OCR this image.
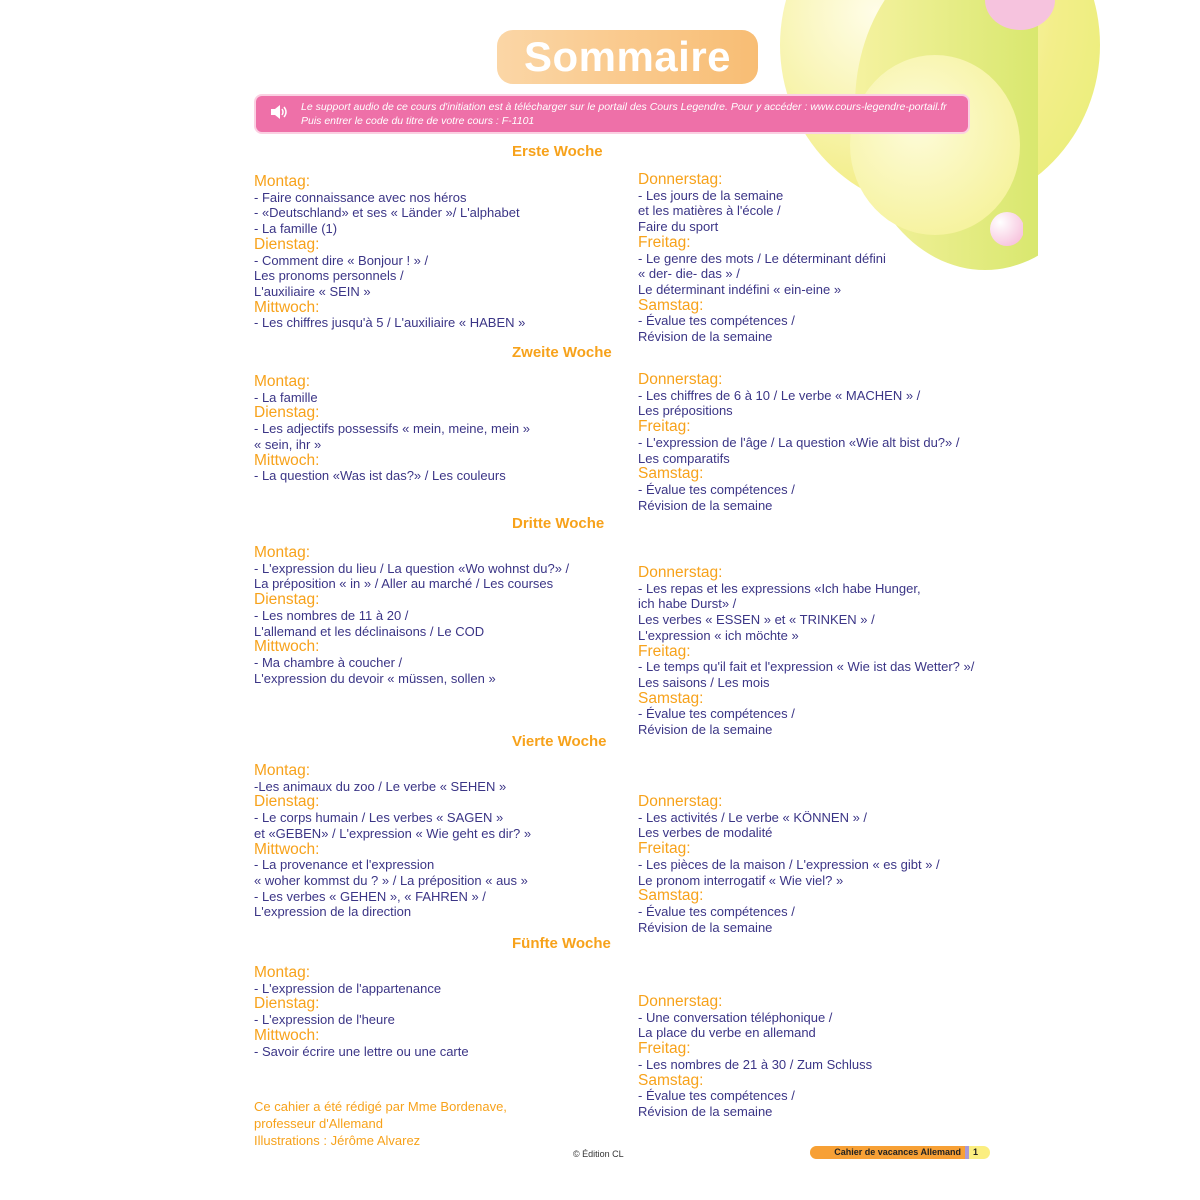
Sommaire
Le support audio de ce cours d'initiation est à télécharger sur le portail des Cours Legendre. Pour y accéder : www.cours-legendre-portail.fr
Puis entrer le code du titre de votre cours : F-1101
Erste Woche
Montag:
- Faire connaissance avec nos héros
- «Deutschland» et ses « Länder »/ L'alphabet
- La famille (1)
Dienstag:
- Comment dire « Bonjour ! » /
Les pronoms personnels /
L'auxiliaire « SEIN »
Mittwoch:
- Les chiffres jusqu'à 5 / L'auxiliaire « HABEN »
Donnerstag:
- Les jours de la semaine
et les matières à l'école /
Faire du sport
Freitag:
- Le genre des mots / Le déterminant défini
« der- die- das » /
Le déterminant indéfini « ein-eine »
Samstag:
- Évalue tes compétences /
Révision de la semaine
Zweite Woche
Montag:
- La famille
Dienstag:
- Les adjectifs possessifs « mein, meine, mein »
« sein, ihr »
Mittwoch:
- La question «Was ist das?» / Les couleurs
Donnerstag:
- Les chiffres de 6 à 10 / Le verbe « MACHEN » /
Les prépositions
Freitag:
- L'expression de l'âge / La question «Wie alt bist du?» /
Les comparatifs
Samstag:
- Évalue tes compétences /
Révision de la semaine
Dritte Woche
Montag:
- L'expression du lieu / La question «Wo wohnst du?» /
La préposition « in » / Aller au marché / Les courses
Dienstag:
- Les nombres de 11 à 20 /
L'allemand et les déclinaisons / Le COD
Mittwoch:
- Ma chambre à coucher /
L'expression du devoir « müssen, sollen »
Donnerstag:
- Les repas et les expressions «Ich habe Hunger,
ich habe Durst» /
Les verbes « ESSEN » et « TRINKEN » /
L'expression « ich möchte »
Freitag:
- Le temps qu'il fait et l'expression « Wie ist das Wetter? »/
Les saisons / Les mois
Samstag:
- Évalue tes compétences /
Révision de la semaine
Vierte Woche
Montag:
-Les animaux du zoo / Le verbe « SEHEN »
Dienstag:
- Le corps humain / Les verbes « SAGEN »
et «GEBEN» / L'expression « Wie geht es dir? »
Mittwoch:
- La provenance et l'expression
« woher kommst du ? » / La préposition « aus »
- Les verbes « GEHEN », « FAHREN » /
L'expression de la direction
Donnerstag:
- Les activités / Le verbe « KÖNNEN » /
Les verbes de modalité
Freitag:
- Les pièces de la maison / L'expression « es gibt » /
Le pronom interrogatif « Wie viel? »
Samstag:
- Évalue tes compétences /
Révision de la semaine
Fünfte Woche
Montag:
- L'expression de l'appartenance
Dienstag:
- L'expression de l'heure
Mittwoch:
- Savoir écrire une lettre ou une carte
Donnerstag:
- Une conversation téléphonique /
La place du verbe en allemand
Freitag:
- Les nombres de 21 à 30 / Zum Schluss
Samstag:
- Évalue tes compétences /
Révision de la semaine
Ce cahier a été rédigé par Mme Bordenave,
professeur d'Allemand
Illustrations : Jérôme Alvarez
© Édition CL	Cahier de vacances Allemand	1
